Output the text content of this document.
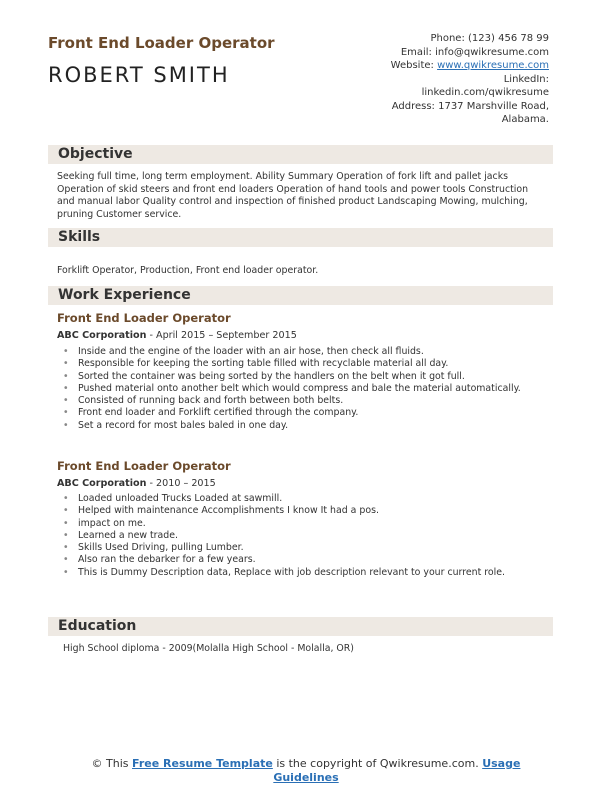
Front End Loader Operator
ROBERT SMITH
Phone: (123) 456 78 99
Email: info@qwikresume.com
Website: www.qwikresume.com
LinkedIn:
linkedin.com/qwikresume
Address: 1737 Marshville Road,
Alabama.
Objective
Seeking full time, long term employment. Ability Summary Operation of fork lift and pallet jacks Operation of skid steers and front end loaders Operation of hand tools and power tools Construction and manual labor Quality control and inspection of finished product Landscaping Mowing, mulching, pruning Customer service.
Skills
Forklift Operator, Production, Front end loader operator.
Work Experience
Front End Loader Operator
ABC Corporation - April 2015 – September 2015
• Inside and the engine of the loader with an air hose, then check all fluids.
• Responsible for keeping the sorting table filled with recyclable material all day.
• Sorted the container was being sorted by the handlers on the belt when it got full.
• Pushed material onto another belt which would compress and bale the material automatically.
• Consisted of running back and forth between both belts.
• Front end loader and Forklift certified through the company.
• Set a record for most bales baled in one day.
Front End Loader Operator
ABC Corporation - 2010 – 2015
• Loaded unloaded Trucks Loaded at sawmill.
• Helped with maintenance Accomplishments I know It had a pos.
• impact on me.
• Learned a new trade.
• Skills Used Driving, pulling Lumber.
• Also ran the debarker for a few years.
• This is Dummy Description data, Replace with job description relevant to your current role.
Education
High School diploma - 2009(Molalla High School - Molalla, OR)
© This Free Resume Template is the copyright of Qwikresume.com. Usage
Guidelines
